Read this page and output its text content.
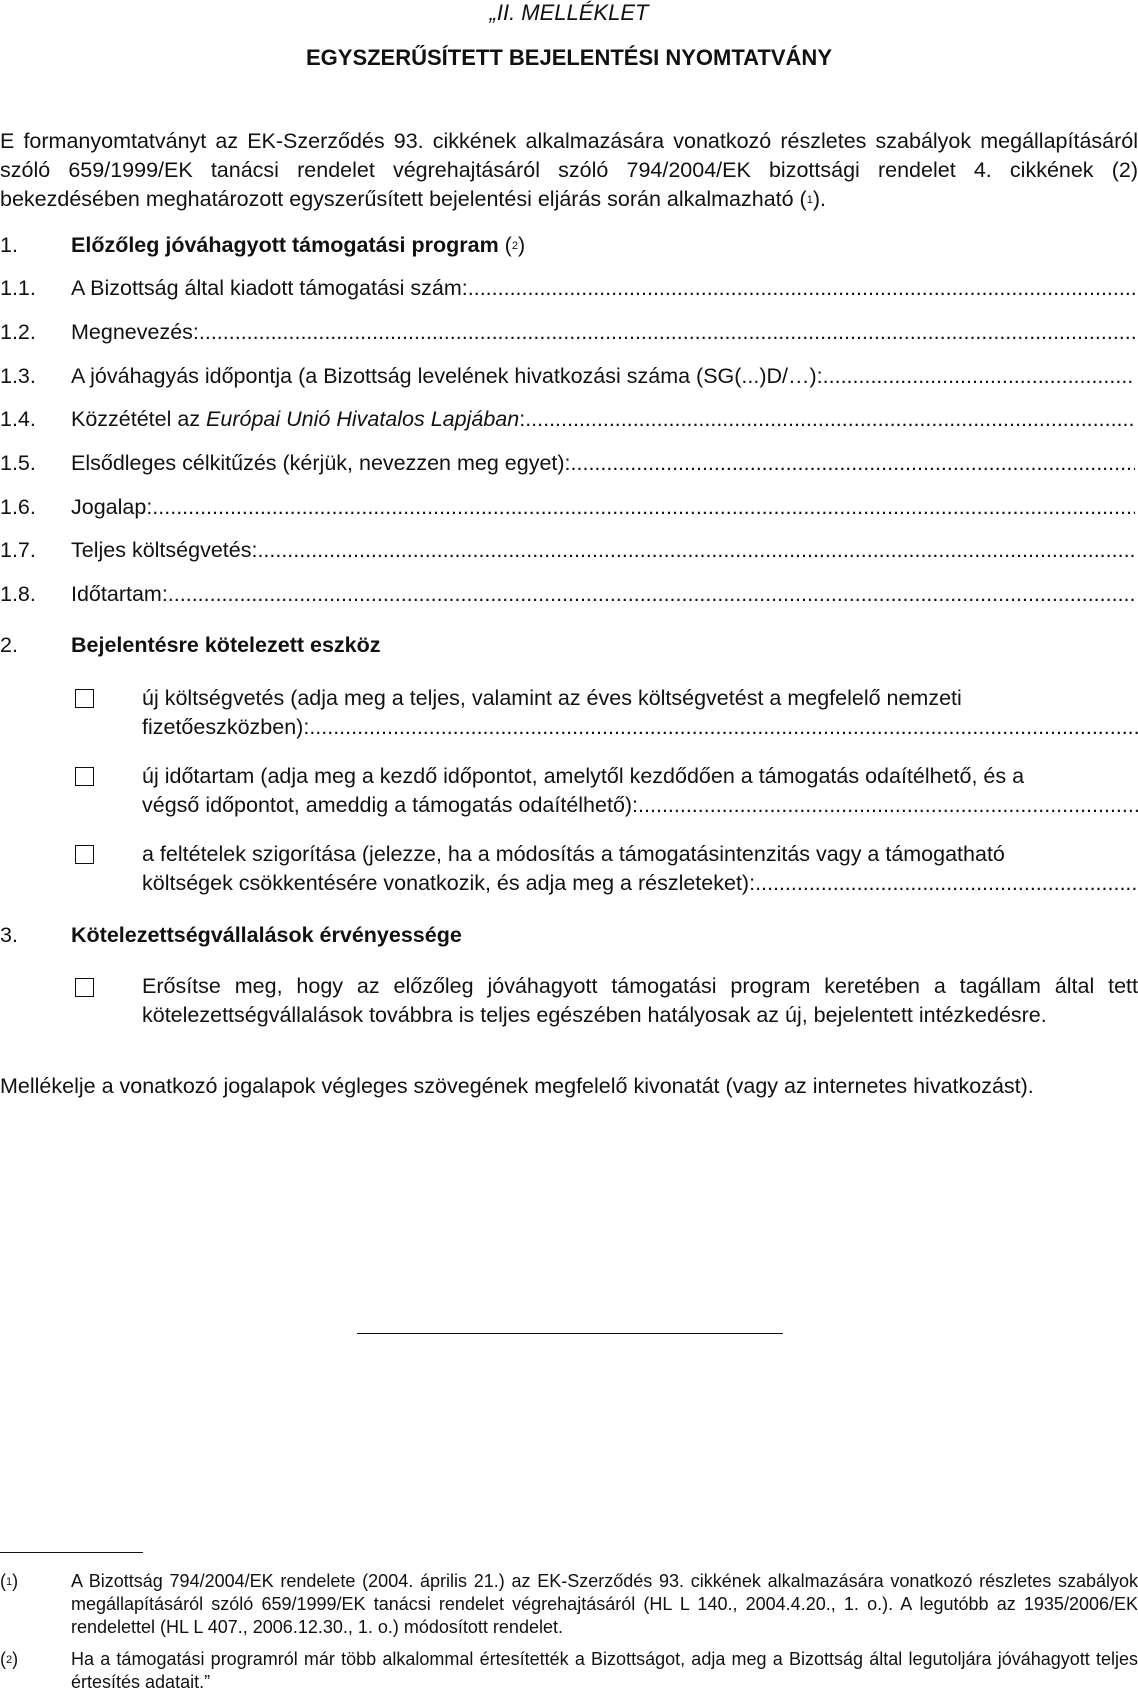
„II. MELLÉKLET
EGYSZERŰSÍTETT BEJELENTÉSI NYOMTATVÁNY
E formanyomtatványt az EK-Szerződés 93. cikkének alkalmazására vonatkozó részletes szabályok megállapításáról szóló 659/1999/EK tanácsi rendelet végrehajtásáról szóló 794/2004/EK bizottsági rendelet 4. cikkének (2) bekezdésében meghatározott egyszerűsített bejelentési eljárás során alkalmazható ($^1$).
1. Előzőleg jóváhagyott támogatási program ($^2$)
1.1. A Bizottság által kiadott támogatási szám:
.....
1.2. Megnevezés:
.....
1.3. A jóváhagyás időpontja (a Bizottság levelének hivatkozási száma (SG(...)D/…):
.....
1.4. Közzététel az Európai Unió Hivatalos Lapjában:
.....
1.5. Elsődleges célkitűzés (kérjük, nevezzen meg egyet):
.....
1.6. Jogalap:
.....
1.7. Teljes költségvetés:
.....
1.8. Időtartam:
.....
2. Bejelentésre kötelezett eszköz
új költségvetés (adja meg a teljes, valamint az éves költségvetést a megfelelő nemzeti
fizetőeszközben):
.....
új időtartam (adja meg a kezdő időpontot, amelytől kezdődően a támogatás odaítélhető, és a
végső időpontot, ameddig a támogatás odaítélhető):
.....
a feltételek szigorítása (jelezze, ha a módosítás a támogatásintenzitás vagy a támogatható
költségek csökkentésére vonatkozik, és adja meg a részleteket):
.....
3. Kötelezettségvállalások érvényessége
Erősítse meg, hogy az előzőleg jóváhagyott támogatási program keretében a tagállam által tett kötelezettségvállalások továbbra is teljes egészében hatályosak az új, bejelentett intézkedésre.
Mellékelje a vonatkozó jogalapok végleges szövegének megfelelő kivonatát (vagy az internetes hivatkozást).
($^1$)	A Bizottság 794/2004/EK rendelete (2004. április 21.) az EK-Szerződés 93. cikkének alkalmazására vonatkozó részletes szabályok megállapításáról szóló 659/1999/EK tanácsi rendelet végrehajtásáról (HL L 140., 2004.4.20., 1. o.). A legutóbb az 1935/2006/EK rendelettel (HL L 407., 2006.12.30., 1. o.) módosított rendelet.
($^2$)	Ha a támogatási programról már több alkalommal értesítették a Bizottságot, adja meg a Bizottság által legutoljára jóváhagyott teljes értesítés adatait.”
